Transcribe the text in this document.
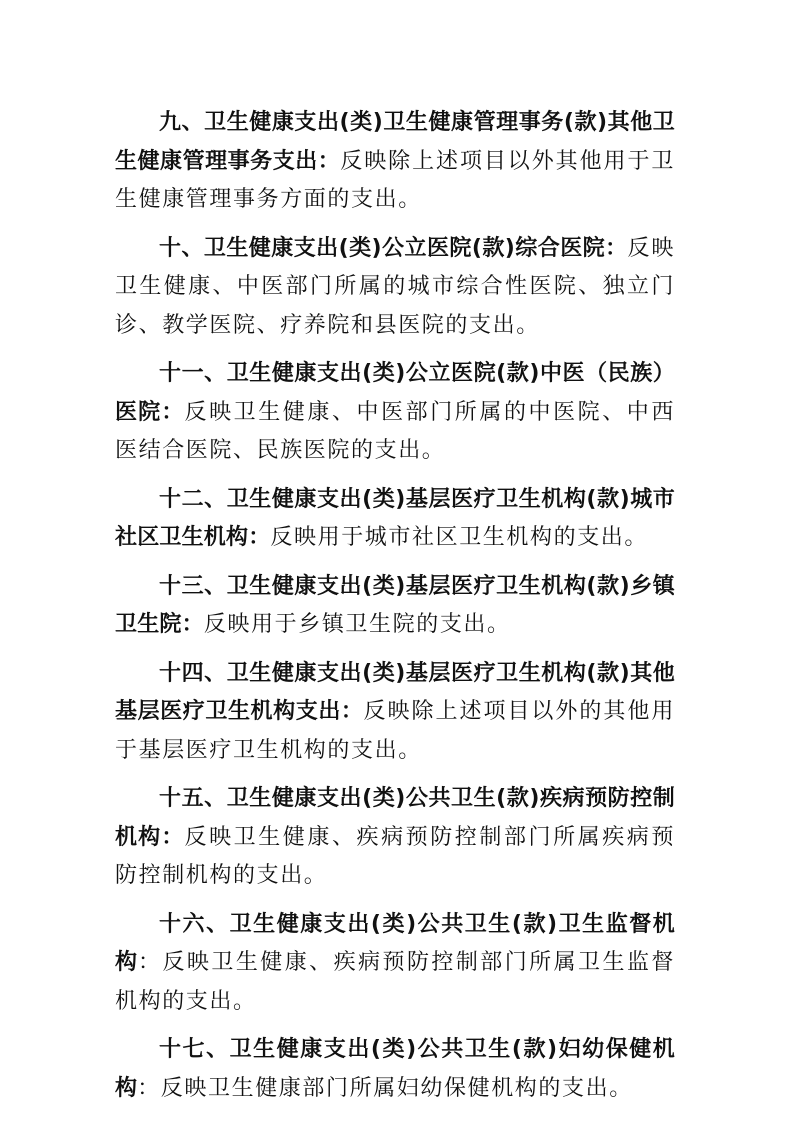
九、卫生健康支出(类)卫生健康管理事务(款)其他卫生健康管理事务支出：反映除上述项目以外其他用于卫生健康管理事务方面的支出。

十、卫生健康支出(类)公立医院(款)综合医院：反映卫生健康、中医部门所属的城市综合性医院、独立门诊、教学医院、疗养院和县医院的支出。

十一、卫生健康支出(类)公立医院(款)中医（民族）医院：反映卫生健康、中医部门所属的中医院、中西医结合医院、民族医院的支出。

十二、卫生健康支出(类)基层医疗卫生机构(款)城市社区卫生机构：反映用于城市社区卫生机构的支出。

十三、卫生健康支出(类)基层医疗卫生机构(款)乡镇卫生院：反映用于乡镇卫生院的支出。

十四、卫生健康支出(类)基层医疗卫生机构(款)其他基层医疗卫生机构支出：反映除上述项目以外的其他用于基层医疗卫生机构的支出。

十五、卫生健康支出(类)公共卫生(款)疾病预防控制机构：反映卫生健康、疾病预防控制部门所属疾病预防控制机构的支出。

十六、卫生健康支出(类)公共卫生(款)卫生监督机构：反映卫生健康、疾病预防控制部门所属卫生监督机构的支出。

十七、卫生健康支出(类)公共卫生(款)妇幼保健机构：反映卫生健康部门所属妇幼保健机构的支出。
